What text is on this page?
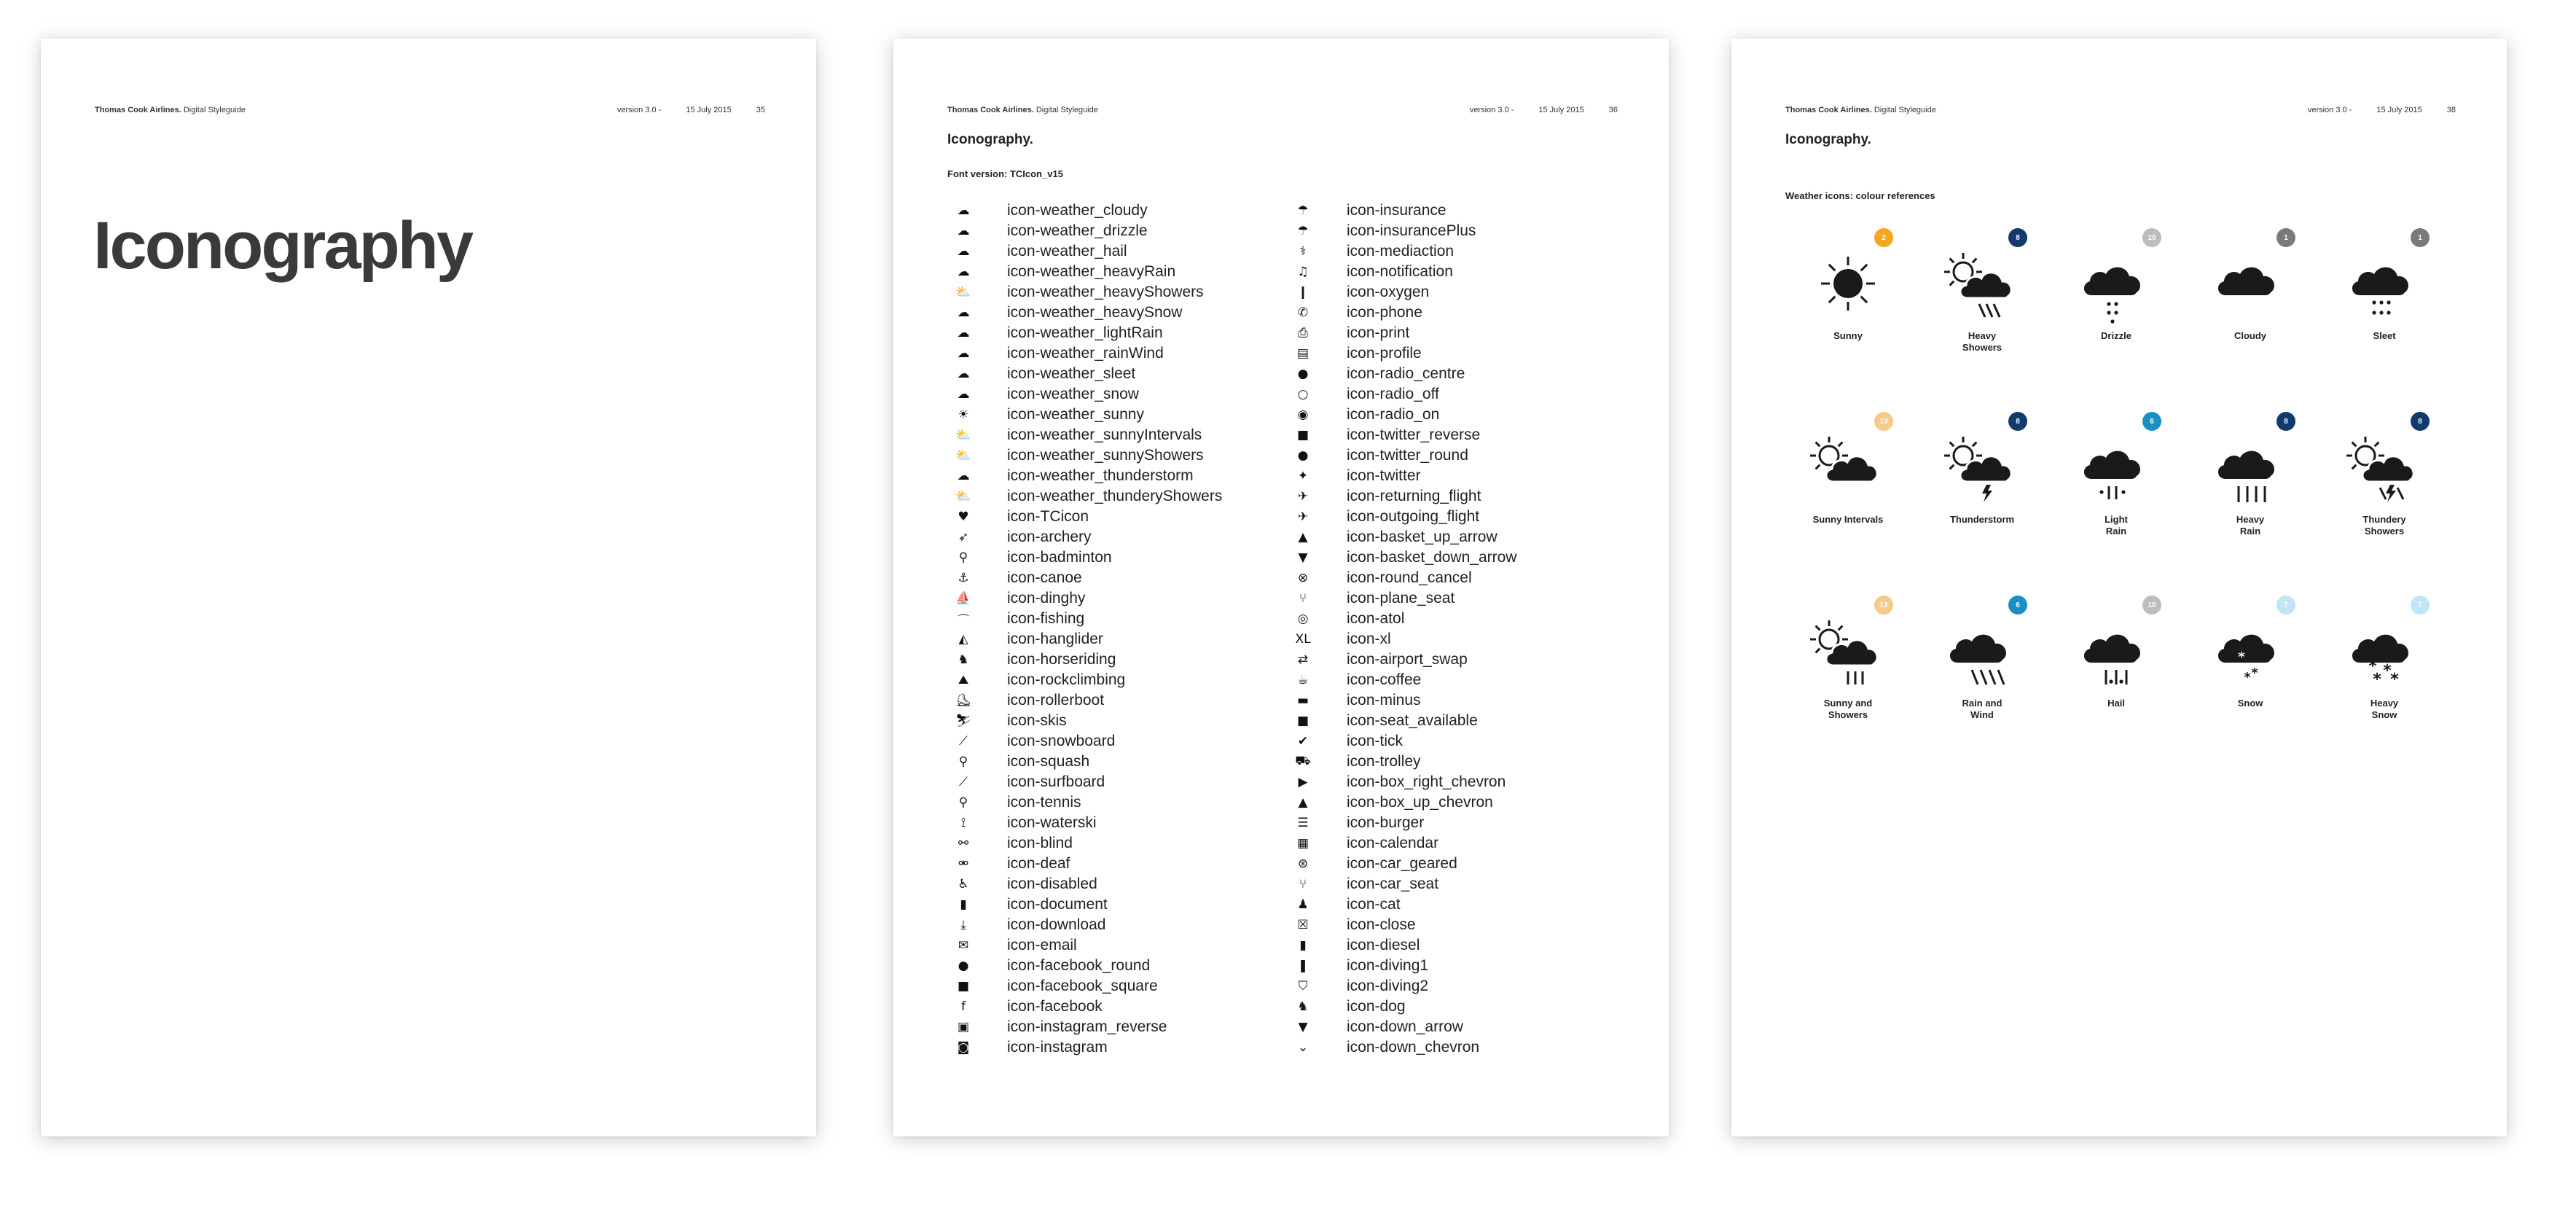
Thomas Cook Airlines. Digital Styleguide	version 3.0 -	15 July 2015	35
Iconography
Thomas Cook Airlines. Digital Styleguide	version 3.0 -	15 July 2015	36
Iconography.
Font version: TCIcon_v15
☁ icon-weather_cloudy
☁ icon-weather_drizzle
☁ icon-weather_hail
☁ icon-weather_heavyRain
⛅ icon-weather_heavyShowers
☁ icon-weather_heavySnow
☁ icon-weather_lightRain
☁ icon-weather_rainWind
☁ icon-weather_sleet
☁ icon-weather_snow
☀ icon-weather_sunny
⛅ icon-weather_sunnyIntervals
⛅ icon-weather_sunnyShowers
☁ icon-weather_thunderstorm
⛅ icon-weather_thunderyShowers
♥ icon-TCicon
➶	icon-archery
⚲	icon-badminton
⚓ icon-canoe
⛵ icon-dinghy
⌒ icon-fishing
◭	icon-hanglider
♞ icon-horseriding
⛰	icon-rockclimbing
⛸ icon-rollerboot
⛷ icon-skis
⟋	icon-snowboard
⚲	icon-squash
⟋	icon-surfboard
⚲	icon-tennis
⟟	icon-waterski
⚯	icon-blind
⚮	icon-deaf
♿ icon-disabled
▮	icon-document
⤓	icon-download
✉	icon-email
●	icon-facebook_round
■ icon-facebook_square
f	icon-facebook
▣ icon-instagram_reverse
◙ icon-instagram
☂ icon-insurance
☂ icon-insurancePlus
⚕	icon-mediaction
♫ icon-notification
❙	icon-oxygen
✆	icon-phone
⎙	icon-print
▤ icon-profile
●	icon-radio_centre
○	icon-radio_off
◉	icon-radio_on
■ icon-twitter_reverse
●	icon-twitter_round
✦	icon-twitter
✈	icon-returning_flight
✈	icon-outgoing_flight
▲	icon-basket_up_arrow
▼	icon-basket_down_arrow
⊗	icon-round_cancel
⑂	icon-plane_seat
◎	icon-atol
XL icon-xl
⇄	icon-airport_swap
☕ icon-coffee
▬ icon-minus
■ icon-seat_available
✔	icon-tick
⛟ icon-trolley
▶	icon-box_right_chevron
▲	icon-box_up_chevron
☰ icon-burger
▦ icon-calendar
⊛	icon-car_geared
⑂	icon-car_seat
♟ icon-cat
☒ icon-close
▮	icon-diesel
❚	icon-diving1
⛉	icon-diving2
♞ icon-dog
▼	icon-down_arrow
⌄	icon-down_chevron
Thomas Cook Airlines. Digital Styleguide	version 3.0 -	15 July 2015	38
Iconography.
Weather icons: colour references
2
Sunny
8
Heavy
Showers
10
Drizzle
1
Cloudy
1
Sleet
13
Sunny Intervals
8
Thunderstorm
6
Light
Rain
8
Heavy
Rain
8
Thundery
Showers
13
Sunny and
Showers
6
Rain and
Wind
10
Hail
*
* *
7
Snow
* *
* *
* *
7
Heavy
Snow
